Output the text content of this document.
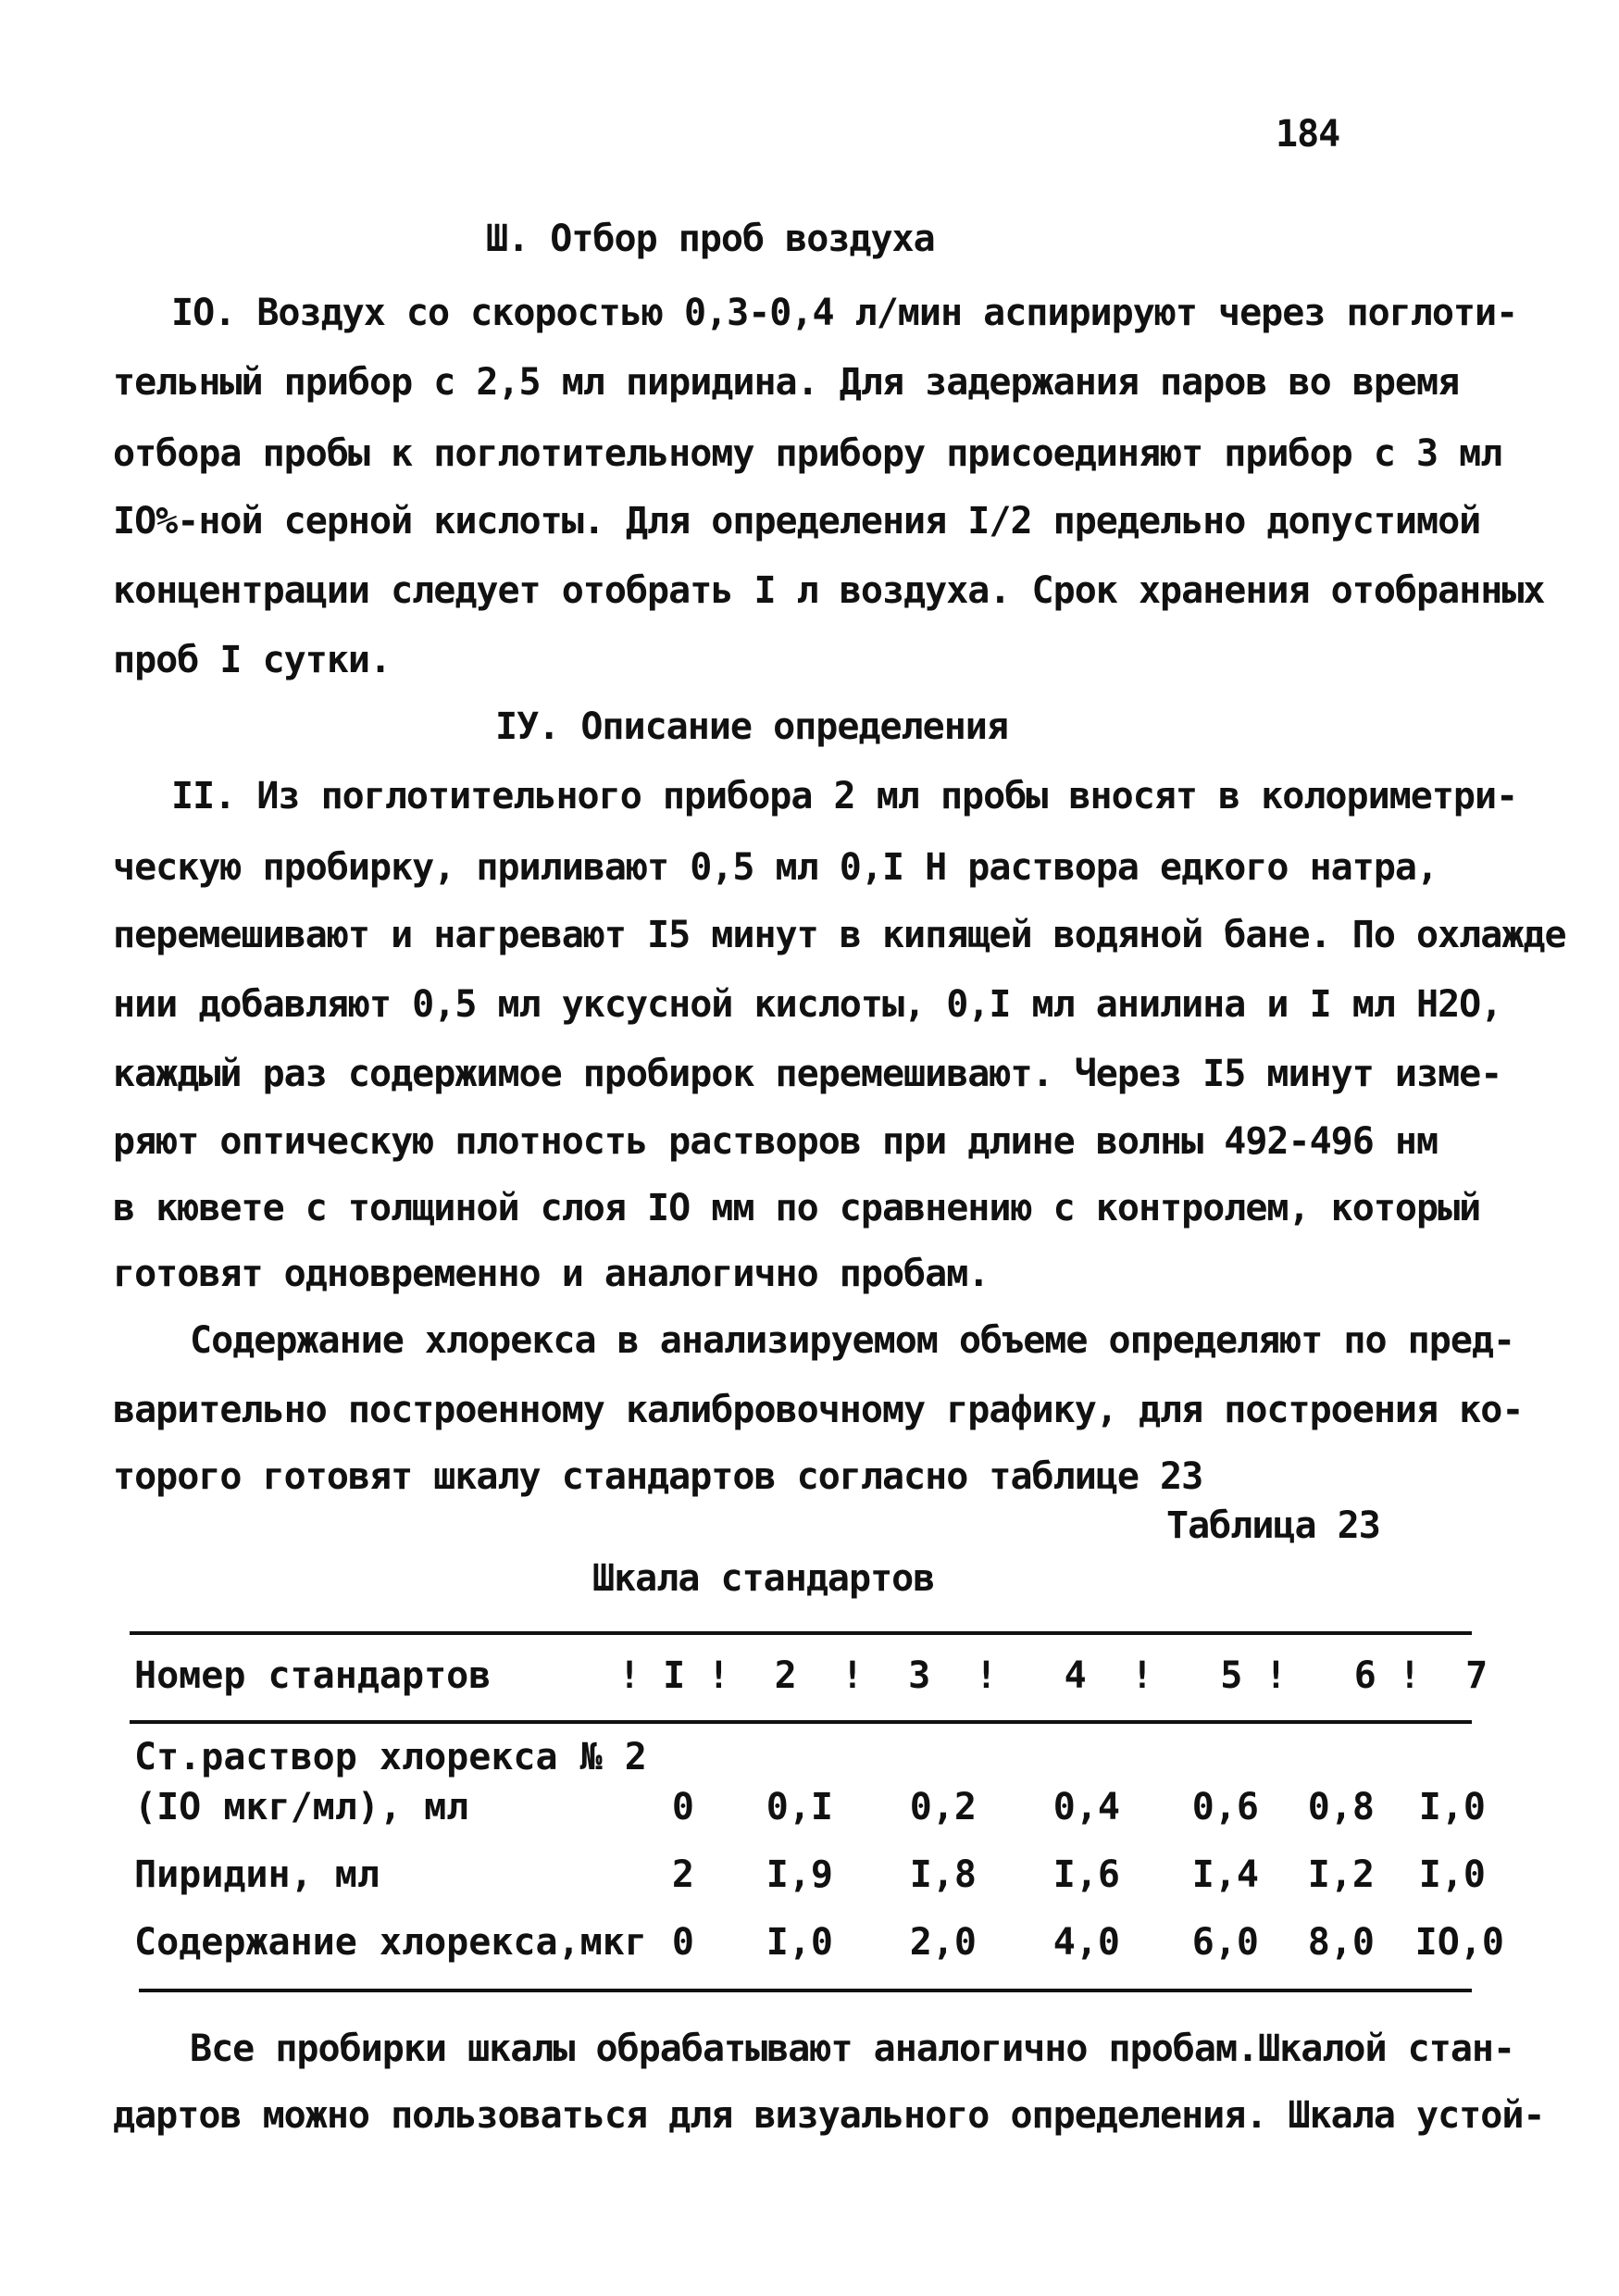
184
Ш. Отбор проб воздуха
IO. Воздух со скоростью 0,3-0,4 л/мин аспирируют через поглоти-
тельный прибор с 2,5 мл пиридина. Для задержания паров во время
отбора пробы к поглотительному прибору присоединяют прибор с 3 мл
IO%-ной серной кислоты. Для определения I/2 предельно допустимой
концентрации следует отобрать I л воздуха. Срок хранения отобранных
проб I сутки.
IУ. Описание определения
II. Из поглотительного прибора 2 мл пробы вносят в колориметри-
ческую пробирку, приливают 0,5 мл 0,I Н раствора едкого натра,
перемешивают и нагревают I5 минут в кипящей водяной бане. По охлажде
нии добавляют 0,5 мл уксусной кислоты, 0,I мл анилина и I мл H2O,
каждый раз содержимое пробирок перемешивают. Через I5 минут изме-
ряют оптическую плотность растворов при длине волны 492-496 нм
в кювете с толщиной слоя IO мм по сравнению с контролем, который
готовят одновременно и аналогично пробам.
Содержание хлорекса в анализируемом объеме определяют по пред-
варительно построенному калибровочному графику, для построения ко-
торого готовят шкалу стандартов согласно таблице 23
Таблица 23
Шкала стандартов
Номер стандартов	! I !  2  !  3  !   4  !   5 !   6 !  7
Ст.раствор хлорекса № 2
(IO мкг/мл), мл	0	0,I	0,2	0,4	0,6	0,8	I,0
Пиридин, мл	2	I,9	I,8	I,6	I,4	I,2	I,0
Содержание хлорекса,мкг 0	I,0	2,0	4,0	6,0	8,0	IO,0
Все пробирки шкалы обрабатывают аналогично пробам.Шкалой стан-
дартов можно пользоваться для визуального определения. Шкала устой-
